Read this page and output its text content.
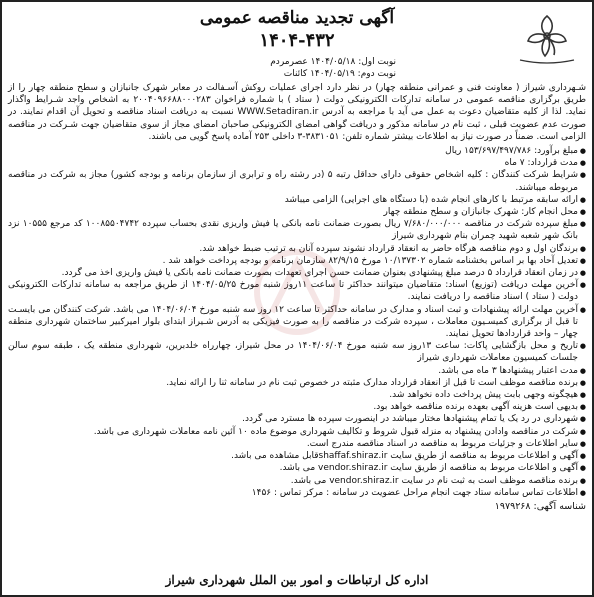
آگهی تجدید مناقصه عمومی
۱۴۰۴-۴۳۲
نوبت اول: ۱۴۰۴/۰۵/۱۸ عصرمردم
نوبت دوم: ۱۴۰۴/۰۵/۱۹ کائنات
شـهرداری شیراز ( معاونت فنی و عمرانی منطقه چهار) در نظر دارد اجرای عملیات روکش آسـفالت در معابر شهرک جانبازان و سطح منطقه چهار را از طریق برگزاری مناقصه عمومی در سامانه تدارکات الکترونیکی دولت ( ستاد ) با شماره فراخوان ۲۰۰۴۰۹۶۶۸۸۰۰۰۲۸۳ به اشخاص واجد شـرایط واگذار نماید. لذا از کلیه متقاضیان دعوت به عمل می آید با مراجعه به آدرس WWW.Setadiran.ir نسبت به دریافت اسناد مناقصه و تحویل آن اقدام نمایند. در صورت عدم عضویت قبلی ، ثبت نام در سامانه مذکور و دریافت گواهی امضای الکترونیکی صاحبان امضای مجاز از سوی متقاضیان جهت شـرکت در مناقصه الزامی است. ضمناً در صورت نیاز به اطلاعات بیشتر شماره تلفن: ۳۸۳۱۰۵۱-۳ داخلی ۲۵۳ آماده پاسخ گویی می باشند.
● مبلغ برآورد: ۱۵۳/۶۹۷/۴۹۷/۷۸۶ ریال
● مدت قرارداد: ۷ ماه
● شرایط شرکت کنندگان : کلیه اشخاص حقوقی دارای حداقل رتبه ۵ (در رشته راه و ترابری از سازمان برنامه و بودجه کشور) مجاز به شرکت در مناقصه مربوطه میباشند.
● ارائه سابقه مرتبط با کارهای انجام شده (با دستگاه های اجرایی) الزامی میباشد
● محل انجام کار: شهرک جانبازان و سطح منطقه چهار
● مبلغ سپرده شرکت در مناقصه ۷/۶۸۰/۰۰۰/۰۰۰ ریال بصورت ضمانت نامه بانکی یا فیش واریزی نقدی بحساب سپرده ۱۰۰۸۵۵۰۴۷۴۲ کد مرجع ۱۰۵۵۵ نزد بانک شهر شعبه شهید چمران بنام شهرداری شیراز
● برندگان اول و دوم مناقصه هرگاه حاضر به انعقاد قرارداد نشوند سپرده آنان به ترتیب ضبط خواهد شد.
● تعدیل آحاد بها بر اساس بخشنامه شماره ۱۰/۱۳۷۳۰۲ مورخ ۸۲/۹/۱۵ سازمان برنامه و بودجه پرداخت خواهد شد .
● در زمان انعقاد قرارداد ۵ درصد مبلغ پیشنهادی بعنوان ضمانت حسن اجرای تعهدات بصورت ضمانت نامه بانکی یا فیش واریزی اخذ می گردد.
● آخرین مهلت دریافت (توزیع) اسناد: متقاضیان میتوانند حداکثر تا ساعت ۱۱روز شنبه مورخ ۱۴۰۴/۰۵/۲۵ از طریق مراجعه به سامانه تدارکات الکترونیکی دولت ( ستاد ) اسناد مناقصه را دریافت نمایند.
● آخرین مهلت ارائه پیشنهادات و ثبت اسناد و مدارک در سامانه حداکثر تا ساعت ۱۲ روز سه شنبه مورخ ۱۴۰۴/۰۶/۰۴ می باشد. شرکت کنندگان می بایسـت تا قبل از برگزاری کمیسـیون معاملات ، سپرده شرکت در مناقصه را به صورت فیزیکی به آدرس شـیراز ابتدای بلوار امیرکبیر ساختمان شهرداری منطقه چهار – واحد قراردادها تحویل نمایند.
● تاریخ و محل بازگشایی پاکات: ساعت ۱۳روز سه شنبه مورخ ۱۴۰۴/۰۶/۰۴ در محل شیراز، چهارراه خلدبرین، شهرداری منطقه یک ، طبقه سوم سالن جلسات کمیسیون معاملات شهرداری شیراز
● مدت اعتبار پیشنهادها ۳ ماه می باشد.
● برنده مناقصه موظف است تا قبل از انعقاد قرارداد مدارک مثبته در خصوص ثبت نام در سامانه ثنا را ارائه نماید.
● هیچگونه وجهی بابت پیش پرداخت داده نخواهد شد.
● بدیهی است هزینه آگهی بعهده برنده مناقصه خواهد بود.
● شهرداری در رد یک یا تمام پیشنهادها مختار میباشد در اینصورت سپرده ها مسترد می گردد.
● شرکت در مناقصه وادادن پیشنهاد به منزله قبول شروط و تکالیف شهرداری موضوع ماده ۱۰ آئین نامه معاملات شهرداری می باشد.
● سایر اطلاعات و جزئیات مربوط به مناقصه در اسناد مناقصه مندرج است.
● آگهی و اطلاعات مربوط به مناقصه از طریق سایت shaffaf.shiraz.irقابل مشاهده می باشد.
● آگهی و اطلاعات مربوط به مناقصه از طریق سایت vendor.shiraz.ir می باشد.
● برنده مناقصه موظف است به ثبت نام در سایت vendor.shiraz.ir می باشد.
● اطلاعات تماس سامانه ستاد جهت انجام مراحل عضویت در سامانه : مرکز تماس : ۱۴۵۶
شناسه آگهی: ۱۹۷۹۲۶۸
اداره کل ارتباطات و امور بین الملل شهرداری شیراز
